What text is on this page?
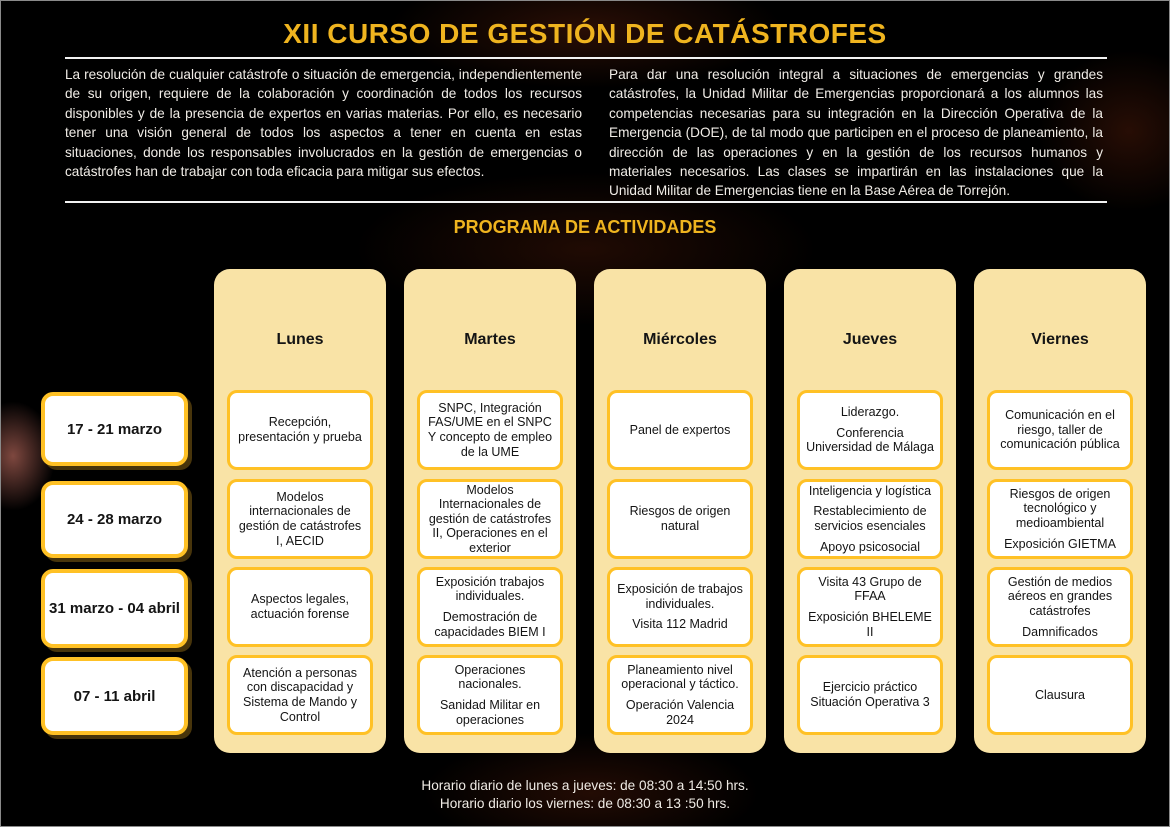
XII CURSO DE GESTIÓN DE CATÁSTROFES
La resolución de cualquier catástrofe o situación de emergencia, independientemente de su origen, requiere de la colaboración y coordinación de todos los recursos disponibles y de la presencia de expertos en varias materias. Por ello, es necesario tener una visión general de todos los aspectos a tener en cuenta en estas situaciones, donde los responsables involucrados en la gestión de emergencias o catástrofes han de trabajar con toda eficacia para mitigar sus efectos.
Para dar una resolución integral a situaciones de emergencias y grandes catástrofes, la Unidad Militar de Emergencias proporcionará a los alumnos las competencias necesarias para su integración en la Dirección Operativa de la Emergencia (DOE), de tal modo que participen en el proceso de planeamiento, la dirección de las operaciones y en la gestión de los recursos humanos y materiales necesarios. Las clases se impartirán en las instalaciones que la Unidad Militar de Emergencias tiene en la Base Aérea de Torrejón.
PROGRAMA DE ACTIVIDADES
Horario diario de lunes a jueves: de 08:30 a 14:50 hrs.
Horario diario los viernes: de 08:30 a 13 :50 hrs.
17 - 21 marzo
24 - 28 marzo
31 marzo - 04 abril
07 - 11 abril
Lunes
Recepción, presentación y prueba
Modelos internacionales de gestión de catástrofes I, AECID
Aspectos legales, actuación forense
Atención a personas con discapacidad y Sistema de Mando y Control
Martes
SNPC, Integración FAS/UME en el SNPC Y concepto de empleo de la UME
Modelos Internacionales de gestión de catástrofes II, Operaciones en el exterior
Exposición trabajos individuales.
Demostración de capacidades BIEM I
Operaciones nacionales.
Sanidad Militar en operaciones
Miércoles
Panel de expertos
Riesgos de origen natural
Exposición de trabajos individuales.
Visita 112 Madrid
Planeamiento nivel operacional y táctico.
Operación Valencia 2024
Jueves
Liderazgo.
Conferencia Universidad de Málaga
Inteligencia y logística
Restablecimiento de servicios esenciales
Apoyo psicosocial
Visita 43 Grupo de FFAA
Exposición BHELEME II
Ejercicio práctico Situación Operativa 3
Viernes
Comunicación en el riesgo, taller de comunicación pública
Riesgos de origen tecnológico y medioambiental
Exposición GIETMA
Gestión de medios aéreos en grandes catástrofes
Damnificados
Clausura
